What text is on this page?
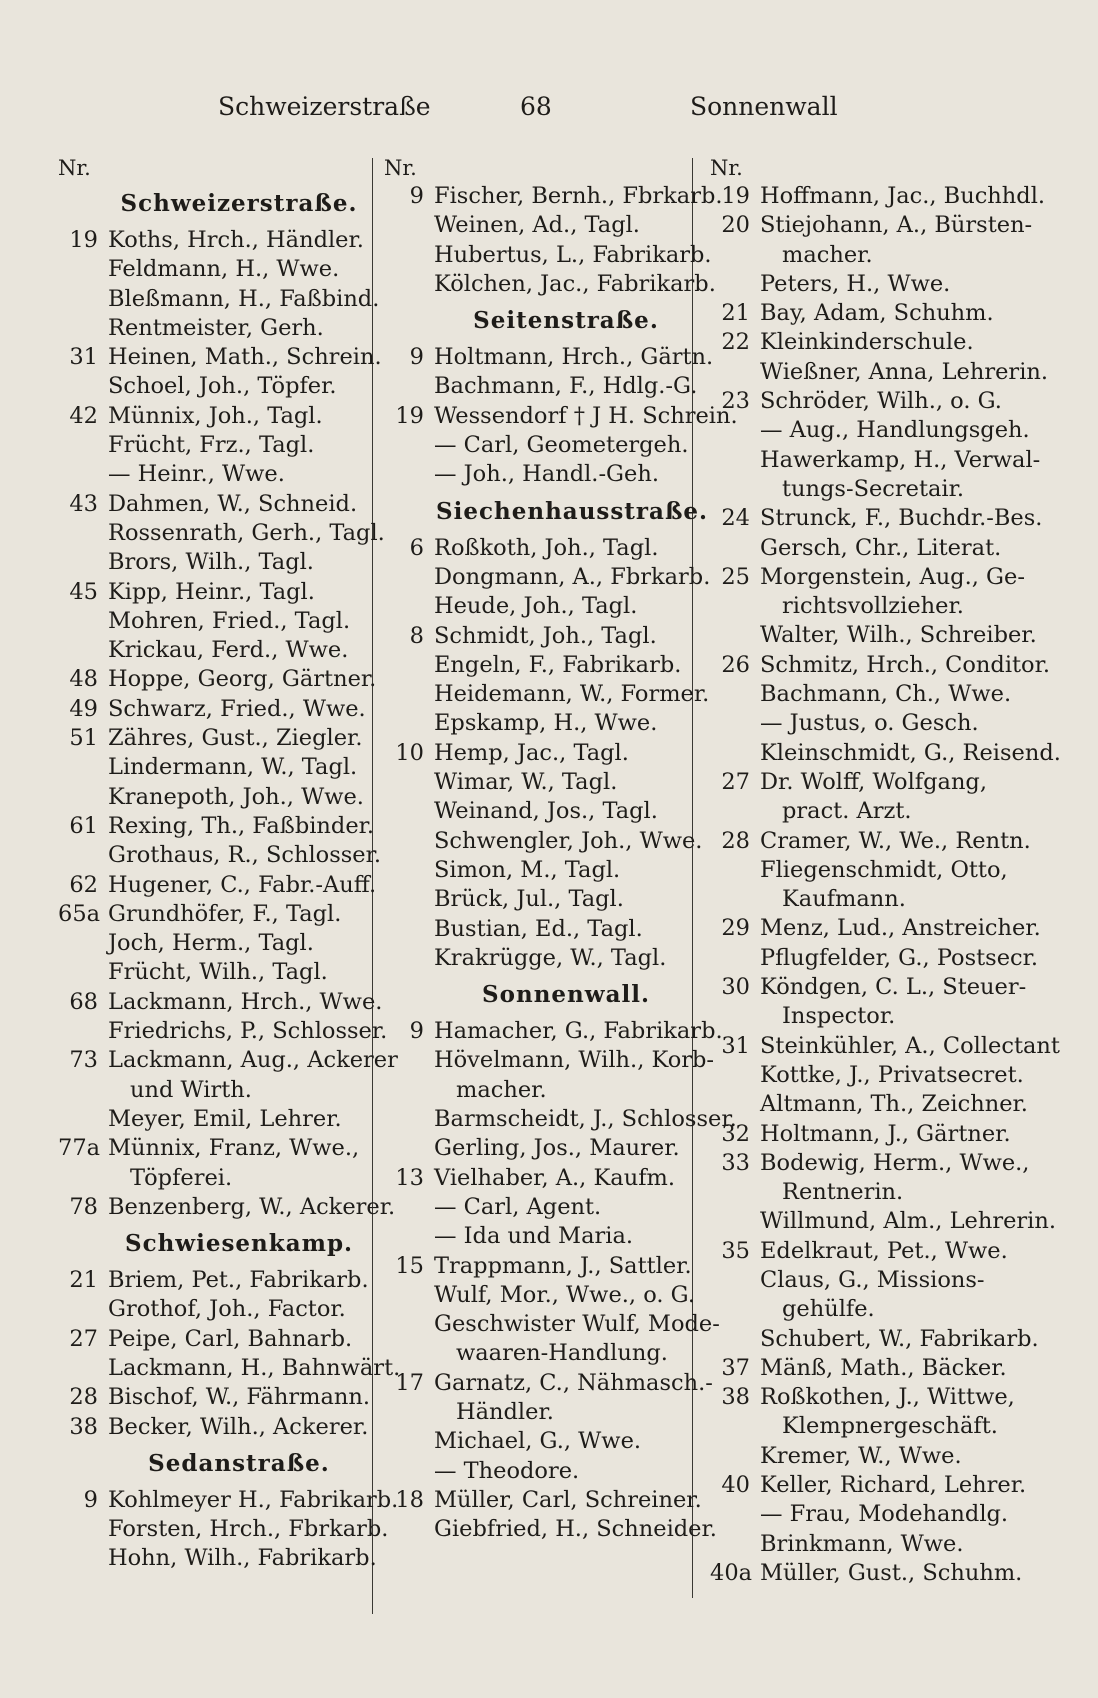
Schweizerstraße	68	Sonnenwall
Nr.
Schweizerstraße.
19 Koths, Hrch., Händler.
Feldmann, H., Wwe.
Bleßmann, H., Faßbind.
Rentmeister, Gerh.
31 Heinen, Math., Schrein.
Schoel, Joh., Töpfer.
42 Münnix, Joh., Tagl.
Frücht, Frz., Tagl.
— Heinr., Wwe.
43 Dahmen, W., Schneid.
Rossenrath, Gerh., Tagl.
Brors, Wilh., Tagl.
45 Kipp, Heinr., Tagl.
Mohren, Fried., Tagl.
Krickau, Ferd., Wwe.
48 Hoppe, Georg, Gärtner.
49 Schwarz, Fried., Wwe.
51 Zähres, Gust., Ziegler.
Lindermann, W., Tagl.
Kranepoth, Joh., Wwe.
61 Rexing, Th., Faßbinder.
Grothaus, R., Schlosser.
62 Hugener, C., Fabr.-Auff.
65a Grundhöfer, F., Tagl.
Joch, Herm., Tagl.
Frücht, Wilh., Tagl.
68 Lackmann, Hrch., Wwe.
Friedrichs, P., Schlosser.
73 Lackmann, Aug., Ackerer
und Wirth.
Meyer, Emil, Lehrer.
77a Münnix, Franz, Wwe.,
Töpferei.
78 Benzenberg, W., Ackerer.
Schwiesenkamp.
21 Briem, Pet., Fabrikarb.
Grothof, Joh., Factor.
27 Peipe, Carl, Bahnarb.
Lackmann, H., Bahnwärt.
28 Bischof, W., Fährmann.
38 Becker, Wilh., Ackerer.
Sedanstraße.
9 Kohlmeyer H., Fabrikarb.
Forsten, Hrch., Fbrkarb.
Hohn, Wilh., Fabrikarb.
Nr.
9 Fischer, Bernh., Fbrkarb.
Weinen, Ad., Tagl.
Hubertus, L., Fabrikarb.
Kölchen, Jac., Fabrikarb.
Seitenstraße.
9 Holtmann, Hrch., Gärtn.
Bachmann, F., Hdlg.-G.
19 Wessendorf † J H. Schrein.
— Carl, Geometergeh.
— Joh., Handl.-Geh.
Siechenhausstraße.
6 Roßkoth, Joh., Tagl.
Dongmann, A., Fbrkarb.
Heude, Joh., Tagl.
8 Schmidt, Joh., Tagl.
Engeln, F., Fabrikarb.
Heidemann, W., Former.
Epskamp, H., Wwe.
10 Hemp, Jac., Tagl.
Wimar, W., Tagl.
Weinand, Jos., Tagl.
Schwengler, Joh., Wwe.
Simon, M., Tagl.
Brück, Jul., Tagl.
Bustian, Ed., Tagl.
Krakrügge, W., Tagl.
Sonnenwall.
9 Hamacher, G., Fabrikarb.
Hövelmann, Wilh., Korb-
macher.
Barmscheidt, J., Schlosser.
Gerling, Jos., Maurer.
13 Vielhaber, A., Kaufm.
— Carl, Agent.
— Ida und Maria.
15 Trappmann, J., Sattler.
Wulf, Mor., Wwe., o. G.
Geschwister Wulf, Mode-
waaren-Handlung.
17 Garnatz, C., Nähmasch.-
Händler.
Michael, G., Wwe.
— Theodore.
18 Müller, Carl, Schreiner.
Giebfried, H., Schneider.
Nr.
19 Hoffmann, Jac., Buchhdl.
20 Stiejohann, A., Bürsten-
macher.
Peters, H., Wwe.
21 Bay, Adam, Schuhm.
22 Kleinkinderschule.
Wießner, Anna, Lehrerin.
23 Schröder, Wilh., o. G.
— Aug., Handlungsgeh.
Hawerkamp, H., Verwal-
tungs-Secretair.
24 Strunck, F., Buchdr.-Bes.
Gersch, Chr., Literat.
25 Morgenstein, Aug., Ge-
richtsvollzieher.
Walter, Wilh., Schreiber.
26 Schmitz, Hrch., Conditor.
Bachmann, Ch., Wwe.
— Justus, o. Gesch.
Kleinschmidt, G., Reisend.
27 Dr. Wolff, Wolfgang,
pract. Arzt.
28 Cramer, W., We., Rentn.
Fliegenschmidt, Otto,
Kaufmann.
29 Menz, Lud., Anstreicher.
Pflugfelder, G., Postsecr.
30 Köndgen, C. L., Steuer-
Inspector.
31 Steinkühler, A., Collectant
Kottke, J., Privatsecret.
Altmann, Th., Zeichner.
32 Holtmann, J., Gärtner.
33 Bodewig, Herm., Wwe.,
Rentnerin.
Willmund, Alm., Lehrerin.
35 Edelkraut, Pet., Wwe.
Claus, G., Missions-
gehülfe.
Schubert, W., Fabrikarb.
37 Mänß, Math., Bäcker.
38 Roßkothen, J., Wittwe,
Klempnergeschäft.
Kremer, W., Wwe.
40 Keller, Richard, Lehrer.
— Frau, Modehandlg.
Brinkmann, Wwe.
40a Müller, Gust., Schuhm.
